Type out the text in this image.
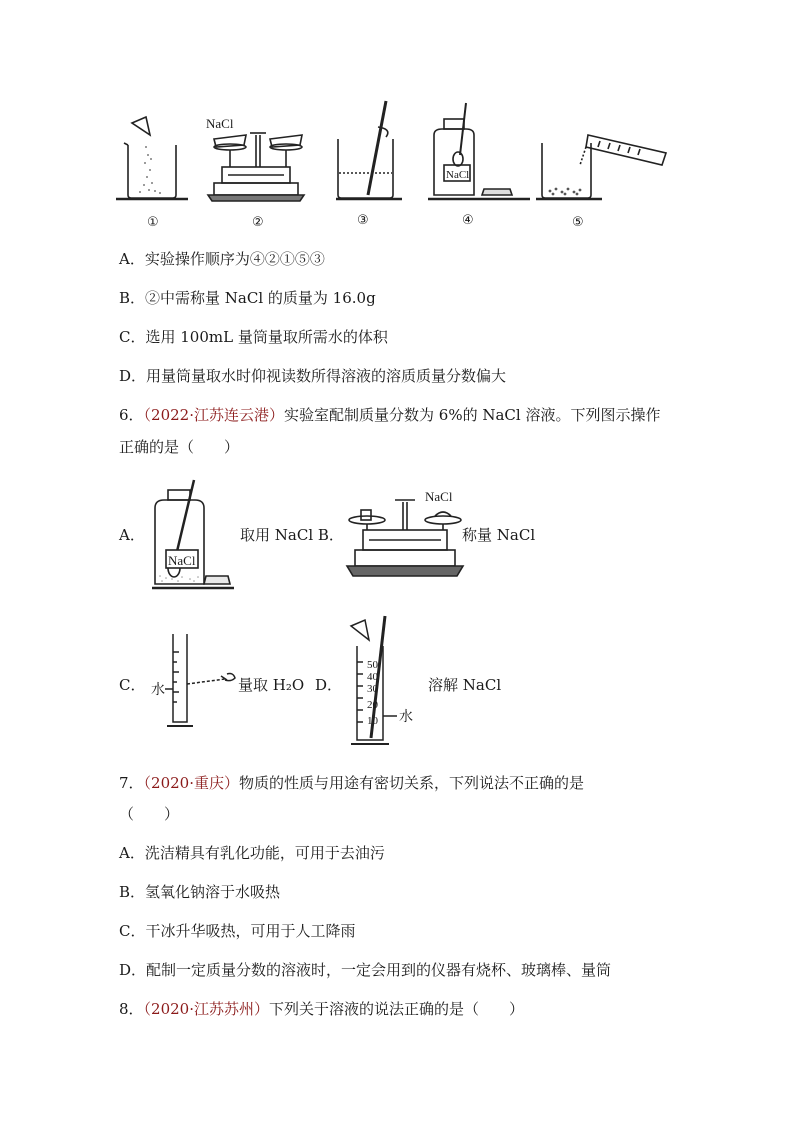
NaCl
NaCl
①	②	③	④	⑤
A．实验操作顺序为④②①⑤③
B．②中需称量 NaCl 的质量为 16.0g
C．选用 100mL 量筒量取所需水的体积
D．用量筒量取水时仰视读数所得溶液的溶质质量分数偏大
6．（2022·江苏连云港）实验室配制质量分数为 6%的 NaCl 溶液。下列图示操作
正确的是（　　）
A．
NaCl
取用 NaCl B．
NaCl
称量 NaCl
C． 水	量取 H₂O D．
50
40
30
20
10 水
溶解 NaCl
7．（2020·重庆）物质的性质与用途有密切关系，下列说法不正确的是
（　　）
A．洗洁精具有乳化功能，可用于去油污
B．氢氧化钠溶于水吸热
C．干冰升华吸热，可用于人工降雨
D．配制一定质量分数的溶液时，一定会用到的仪器有烧杯、玻璃棒、量筒
8．（2020·江苏苏州）下列关于溶液的说法正确的是（　　）
